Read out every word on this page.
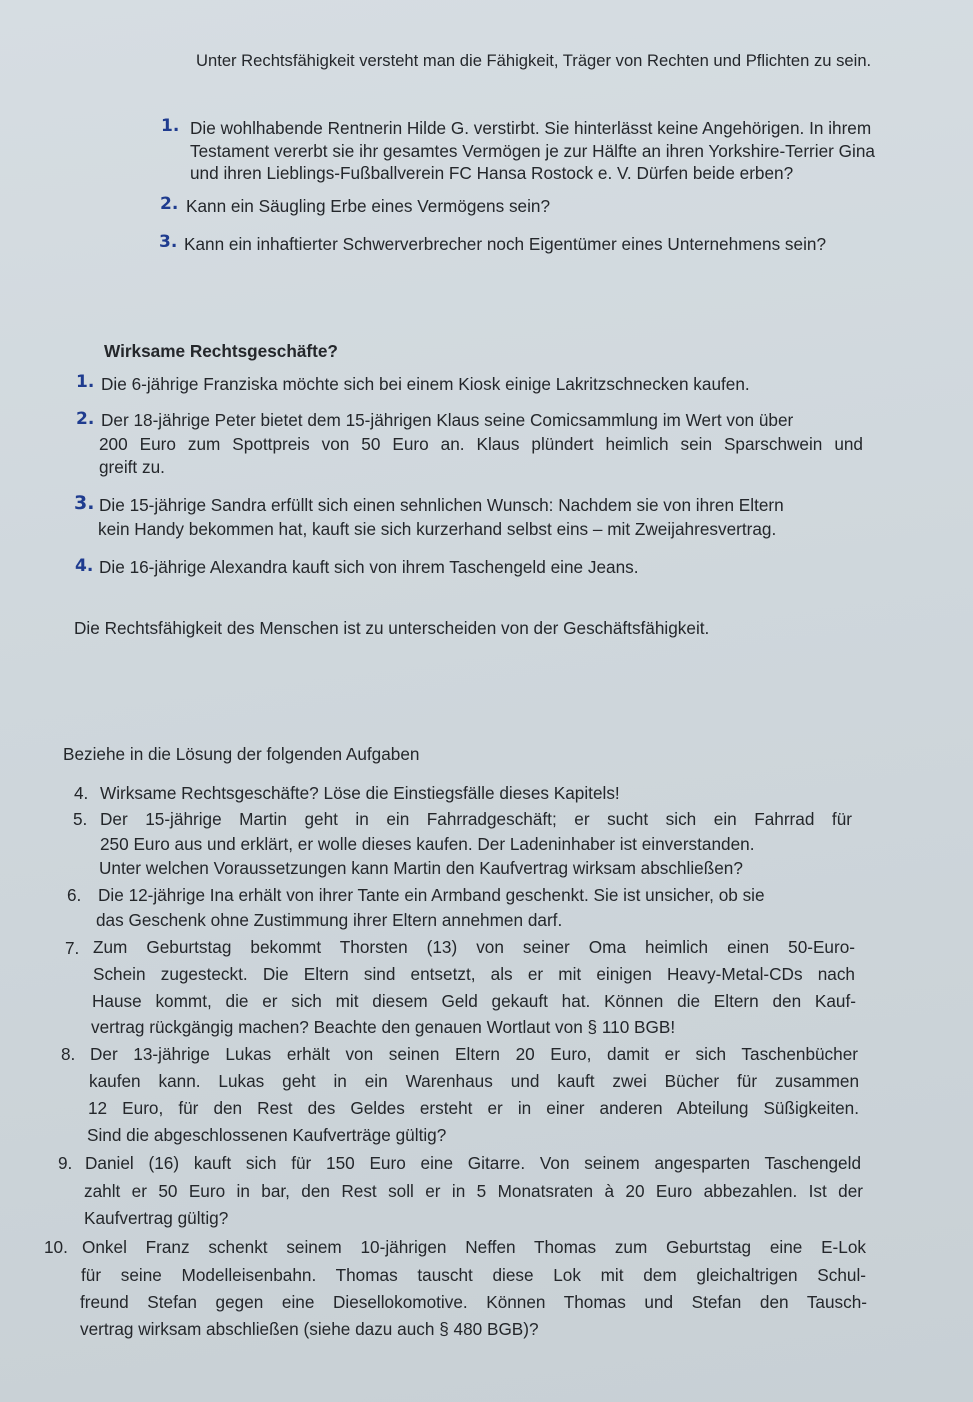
Unter Rechtsfähigkeit versteht man die Fähigkeit, Träger von Rechten und Pflichten zu sein.
1. Die wohlhabende Rentnerin Hilde G. verstirbt. Sie hinterlässt keine Angehörigen. In ihrem
Testament vererbt sie ihr gesamtes Vermögen je zur Hälfte an ihren Yorkshire-Terrier Gina
und ihren Lieblings-Fußballverein FC Hansa Rostock e. V. Dürfen beide erben?
2. Kann ein Säugling Erbe eines Vermögens sein?
3. Kann ein inhaftierter Schwerverbrecher noch Eigentümer eines Unternehmens sein?
Wirksame Rechtsgeschäfte?
1. Die 6-jährige Franziska möchte sich bei einem Kiosk einige Lakritzschnecken kaufen.
2. Der 18-jährige Peter bietet dem 15-jährigen Klaus seine Comicsammlung im Wert von über
200 Euro zum Spottpreis von 50 Euro an. Klaus plündert heimlich sein Sparschwein und
greift zu.
3. Die 15-jährige Sandra erfüllt sich einen sehnlichen Wunsch: Nachdem sie von ihren Eltern
kein Handy bekommen hat, kauft sie sich kurzerhand selbst eins – mit Zweijahresvertrag.
4. Die 16-jährige Alexandra kauft sich von ihrem Taschengeld eine Jeans.
Die Rechtsfähigkeit des Menschen ist zu unterscheiden von der Geschäftsfähigkeit.
Beziehe in die Lösung der folgenden Aufgaben
4. Wirksame Rechtsgeschäfte? Löse die Einstiegsfälle dieses Kapitels!
5. Der 15-jährige Martin geht in ein Fahrradgeschäft; er sucht sich ein Fahrrad für
250 Euro aus und erklärt, er wolle dieses kaufen. Der Ladeninhaber ist einverstanden.
Unter welchen Voraussetzungen kann Martin den Kaufvertrag wirksam abschließen?
6. Die 12-jährige Ina erhält von ihrer Tante ein Armband geschenkt. Sie ist unsicher, ob sie
das Geschenk ohne Zustimmung ihrer Eltern annehmen darf.
7. Zum Geburtstag bekommt Thorsten (13) von seiner Oma heimlich einen 50-Euro-
Schein zugesteckt. Die Eltern sind entsetzt, als er mit einigen Heavy-Metal-CDs nach
Hause kommt, die er sich mit diesem Geld gekauft hat. Können die Eltern den Kauf-
vertrag rückgängig machen? Beachte den genauen Wortlaut von § 110 BGB!
8. Der 13-jährige Lukas erhält von seinen Eltern 20 Euro, damit er sich Taschenbücher
kaufen kann. Lukas geht in ein Warenhaus und kauft zwei Bücher für zusammen
12 Euro, für den Rest des Geldes ersteht er in einer anderen Abteilung Süßigkeiten.
Sind die abgeschlossenen Kaufverträge gültig?
9. Daniel (16) kauft sich für 150 Euro eine Gitarre. Von seinem angesparten Taschengeld
zahlt er 50 Euro in bar, den Rest soll er in 5 Monatsraten à 20 Euro abbezahlen. Ist der
Kaufvertrag gültig?
10. Onkel Franz schenkt seinem 10-jährigen Neffen Thomas zum Geburtstag eine E-Lok
für seine Modelleisenbahn. Thomas tauscht diese Lok mit dem gleichaltrigen Schul-
freund Stefan gegen eine Diesellokomotive. Können Thomas und Stefan den Tausch-
vertrag wirksam abschließen (siehe dazu auch § 480 BGB)?
